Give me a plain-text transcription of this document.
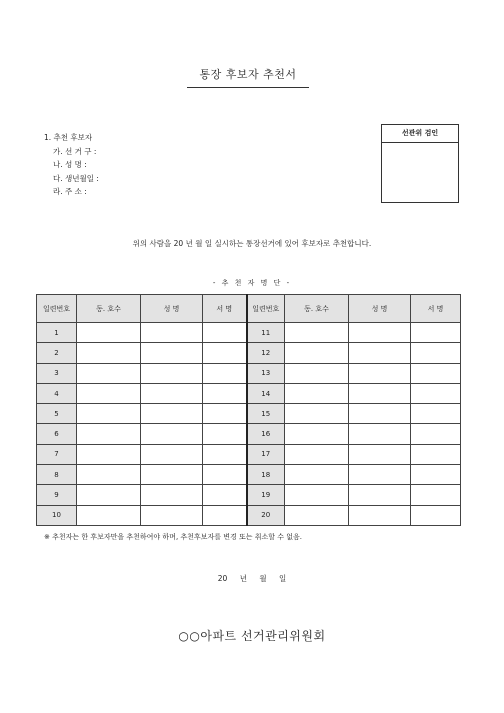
통장 후보자 추천서
1. 추천 후보자
가. 선 거 구 :
나. 성 명 :
다. 생년월일 :
라. 주 소 :
선관위 검인
위의 사람을 20 년 월 일 실시하는 통장선거에 있어 후보자로 추천합니다.
- 추 천 자 명 단 -
일련번호	동. 호수	성 명	서 명	일련번호	동. 호수	성 명	서 명
1				11			
2				12			
3				13			
4				14			
5				15			
6				16			
7				17			
8				18			
9				19			
10				20			
※ 추천자는 한 후보자만을 추천하여야 하며, 추천후보자를 변경 또는 취소할 수 없음.
20 년 월 일
○○아파트 선거관리위원회
